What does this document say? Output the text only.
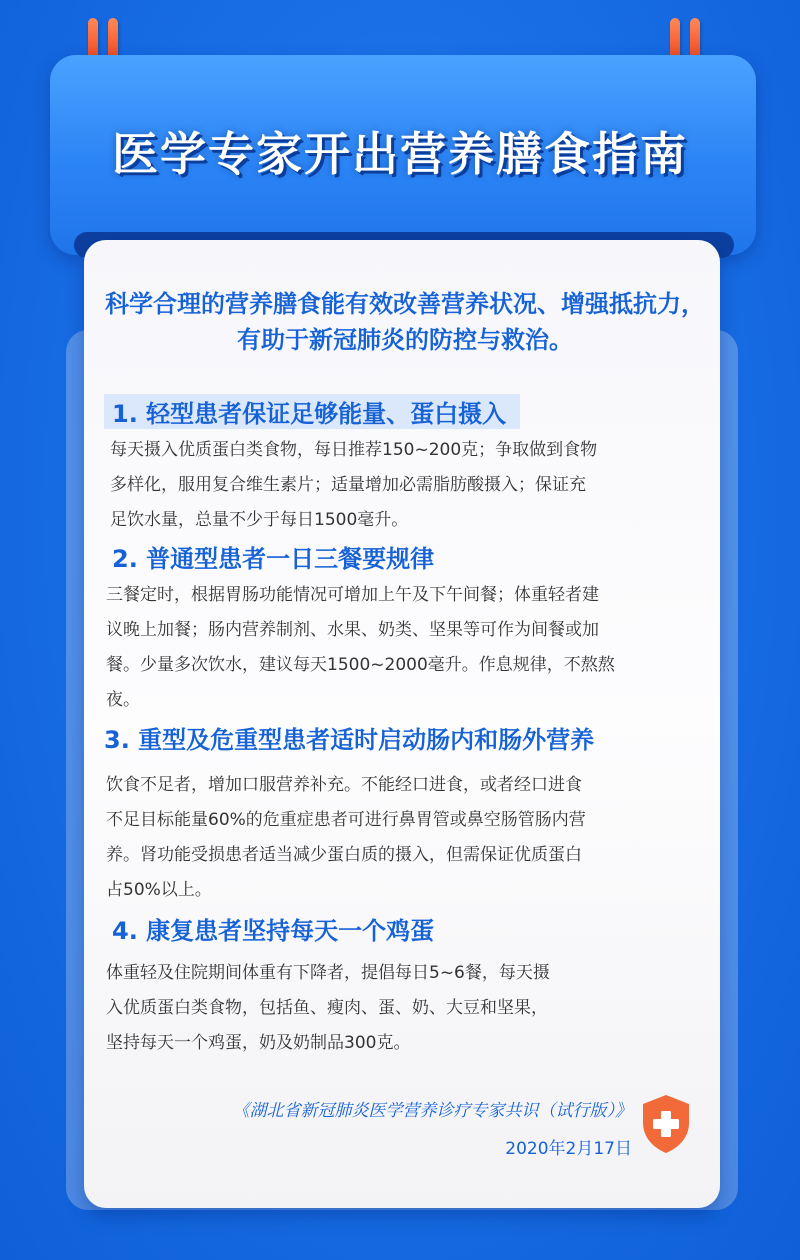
医学专家开出营养膳食指南
科学合理的营养膳食能有效改善营养状况、增强抵抗力，有助于新冠肺炎的防控与救治。
1. 轻型患者保证足够能量、蛋白摄入
每天摄入优质蛋白类食物，每日推荐150~200克；争取做到食物
多样化，服用复合维生素片；适量增加必需脂肪酸摄入；保证充
足饮水量，总量不少于每日1500毫升。
2. 普通型患者一日三餐要规律
三餐定时，根据胃肠功能情况可增加上午及下午间餐；体重轻者建
议晚上加餐；肠内营养制剂、水果、奶类、坚果等可作为间餐或加
餐。少量多次饮水，建议每天1500~2000毫升。作息规律，不熬熬
夜。
3. 重型及危重型患者适时启动肠内和肠外营养
饮食不足者，增加口服营养补充。不能经口进食，或者经口进食
不足目标能量60%的危重症患者可进行鼻胃管或鼻空肠管肠内营
养。肾功能受损患者适当减少蛋白质的摄入，但需保证优质蛋白
占50%以上。
4. 康复患者坚持每天一个鸡蛋
体重轻及住院期间体重有下降者，提倡每日5~6餐，每天摄
入优质蛋白类食物，包括鱼、瘦肉、蛋、奶、大豆和坚果，
坚持每天一个鸡蛋，奶及奶制品300克。
《湖北省新冠肺炎医学营养诊疗专家共识（试行版）》
2020年2月17日
